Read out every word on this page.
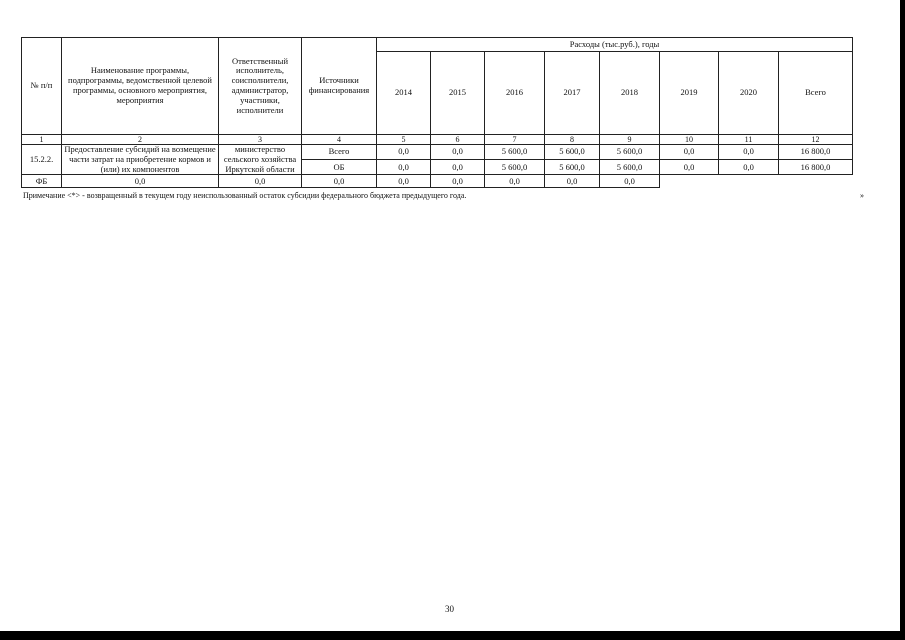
№ п/п	Наименование программы, подпрограммы, ведомственной целевой программы, основного мероприятия, мероприятия	Ответственный исполнитель, соисполнители, администратор, участники, исполнители	Источники финансирования	Расходы (тыс.руб.), годы							
				2014	2015	2016	2017	2018	2019	2020	Всего
1	2	3	4	5	6	7	8	9	10	11	12
15.2.2.	Предоставление субсидий на возмещение части затрат на приобретение кормов и (или) их компонентов	министерство сельского хозяйства Иркутской области	Всего	0,0	0,0	5 600,0	5 600,0	5 600,0	0,0	0,0	16 800,0
			ОБ	0,0	0,0	5 600,0	5 600,0	5 600,0	0,0	0,0	16 800,0
ФБ	0,0	0,0	0,0	0,0	0,0	0,0	0,0	0,0			
Примечание <*> - возвращенный в текущем году неиспользованный остаток субсидии федерального бюджета предыдущего года.	»
30
